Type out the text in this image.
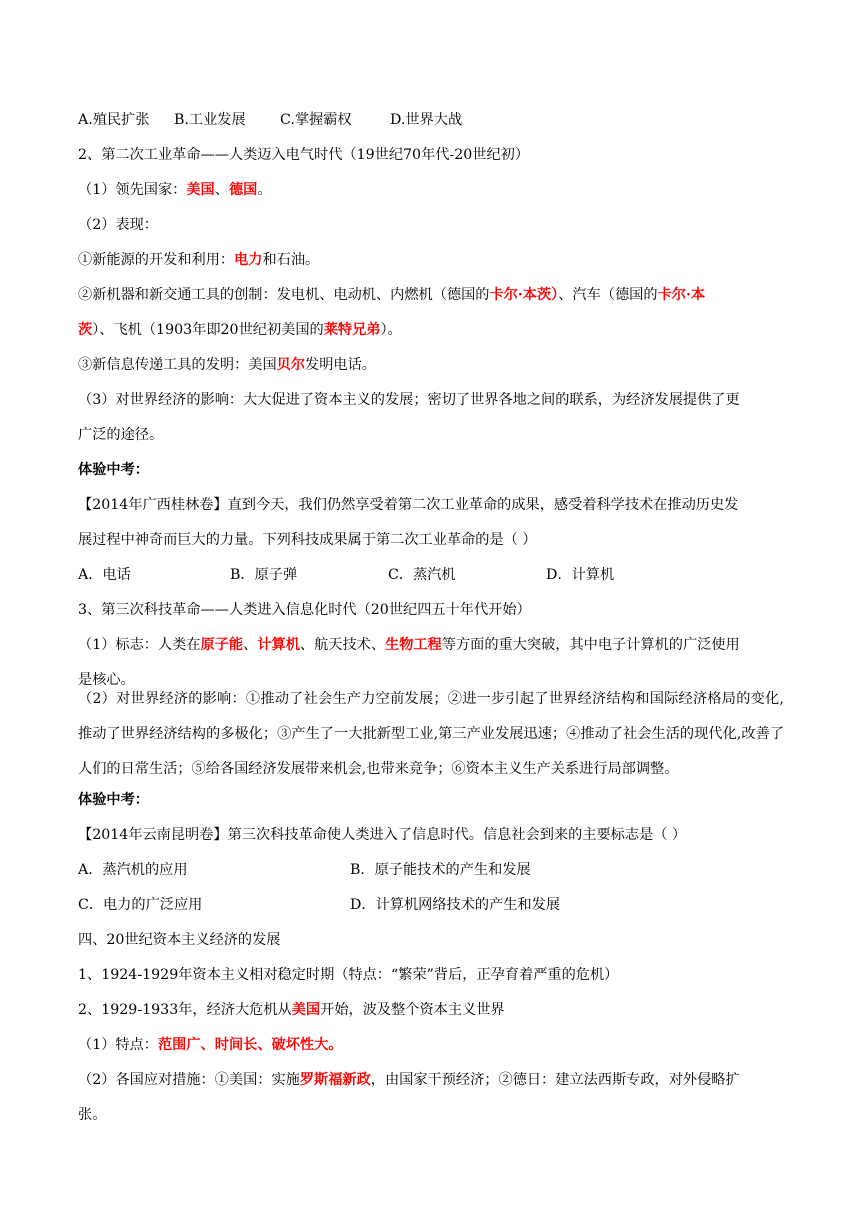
A.殖民扩张 B.工业发展 C.掌握霸权	D.世界大战
2、第二次工业革命——人类迈入电气时代（19世纪70年代-20世纪初）
（1）领先国家：美国、德国。
（2）表现：
①新能源的开发和利用：电力和石油。
②新机器和新交通工具的创制：发电机、电动机、内燃机（德国的卡尔·本茨）、汽车（德国的卡尔·本
茨）、飞机（1903年即20世纪初美国的莱特兄弟）。
③新信息传递工具的发明：美国贝尔发明电话。
（3）对世界经济的影响：大大促进了资本主义的发展；密切了世界各地之间的联系，为经济发展提供了更
广泛的途径。
体验中考：
【2014年广西桂林卷】直到今天，我们仍然享受着第二次工业革命的成果，感受着科学技术在推动历史发
展过程中神奇而巨大的力量。下列科技成果属于第二次工业革命的是（ ）
A．电话	B．原子弹	C．蒸汽机	D．计算机
3、第三次科技革命——人类进入信息化时代（20世纪四五十年代开始）
（1）标志：人类在原子能、计算机、航天技术、生物工程等方面的重大突破，其中电子计算机的广泛使用
是核心。
（2）对世界经济的影响：①推动了社会生产力空前发展；②进一步引起了世界经济结构和国际经济格局的变化,推动了世界经济结构的多极化；③产生了一大批新型工业,第三产业发展迅速；④推动了社会生活的现代化,改善了人们的日常生活；⑤给各国经济发展带来机会,也带来竞争；⑥资本主义生产关系进行局部调整。
体验中考：
【2014年云南昆明卷】第三次科技革命使人类进入了信息时代。信息社会到来的主要标志是（ ）
A．蒸汽机的应用	B．原子能技术的产生和发展
C．电力的广泛应用	D．计算机网络技术的产生和发展
四、20世纪资本主义经济的发展
1、1924-1929年资本主义相对稳定时期（特点：“繁荣”背后，正孕育着严重的危机）
2、1929-1933年，经济大危机从美国开始，波及整个资本主义世界
（1）特点：范围广、时间长、破坏性大。
（2）各国应对措施：①美国：实施罗斯福新政，由国家干预经济；②德日：建立法西斯专政，对外侵略扩
张。
